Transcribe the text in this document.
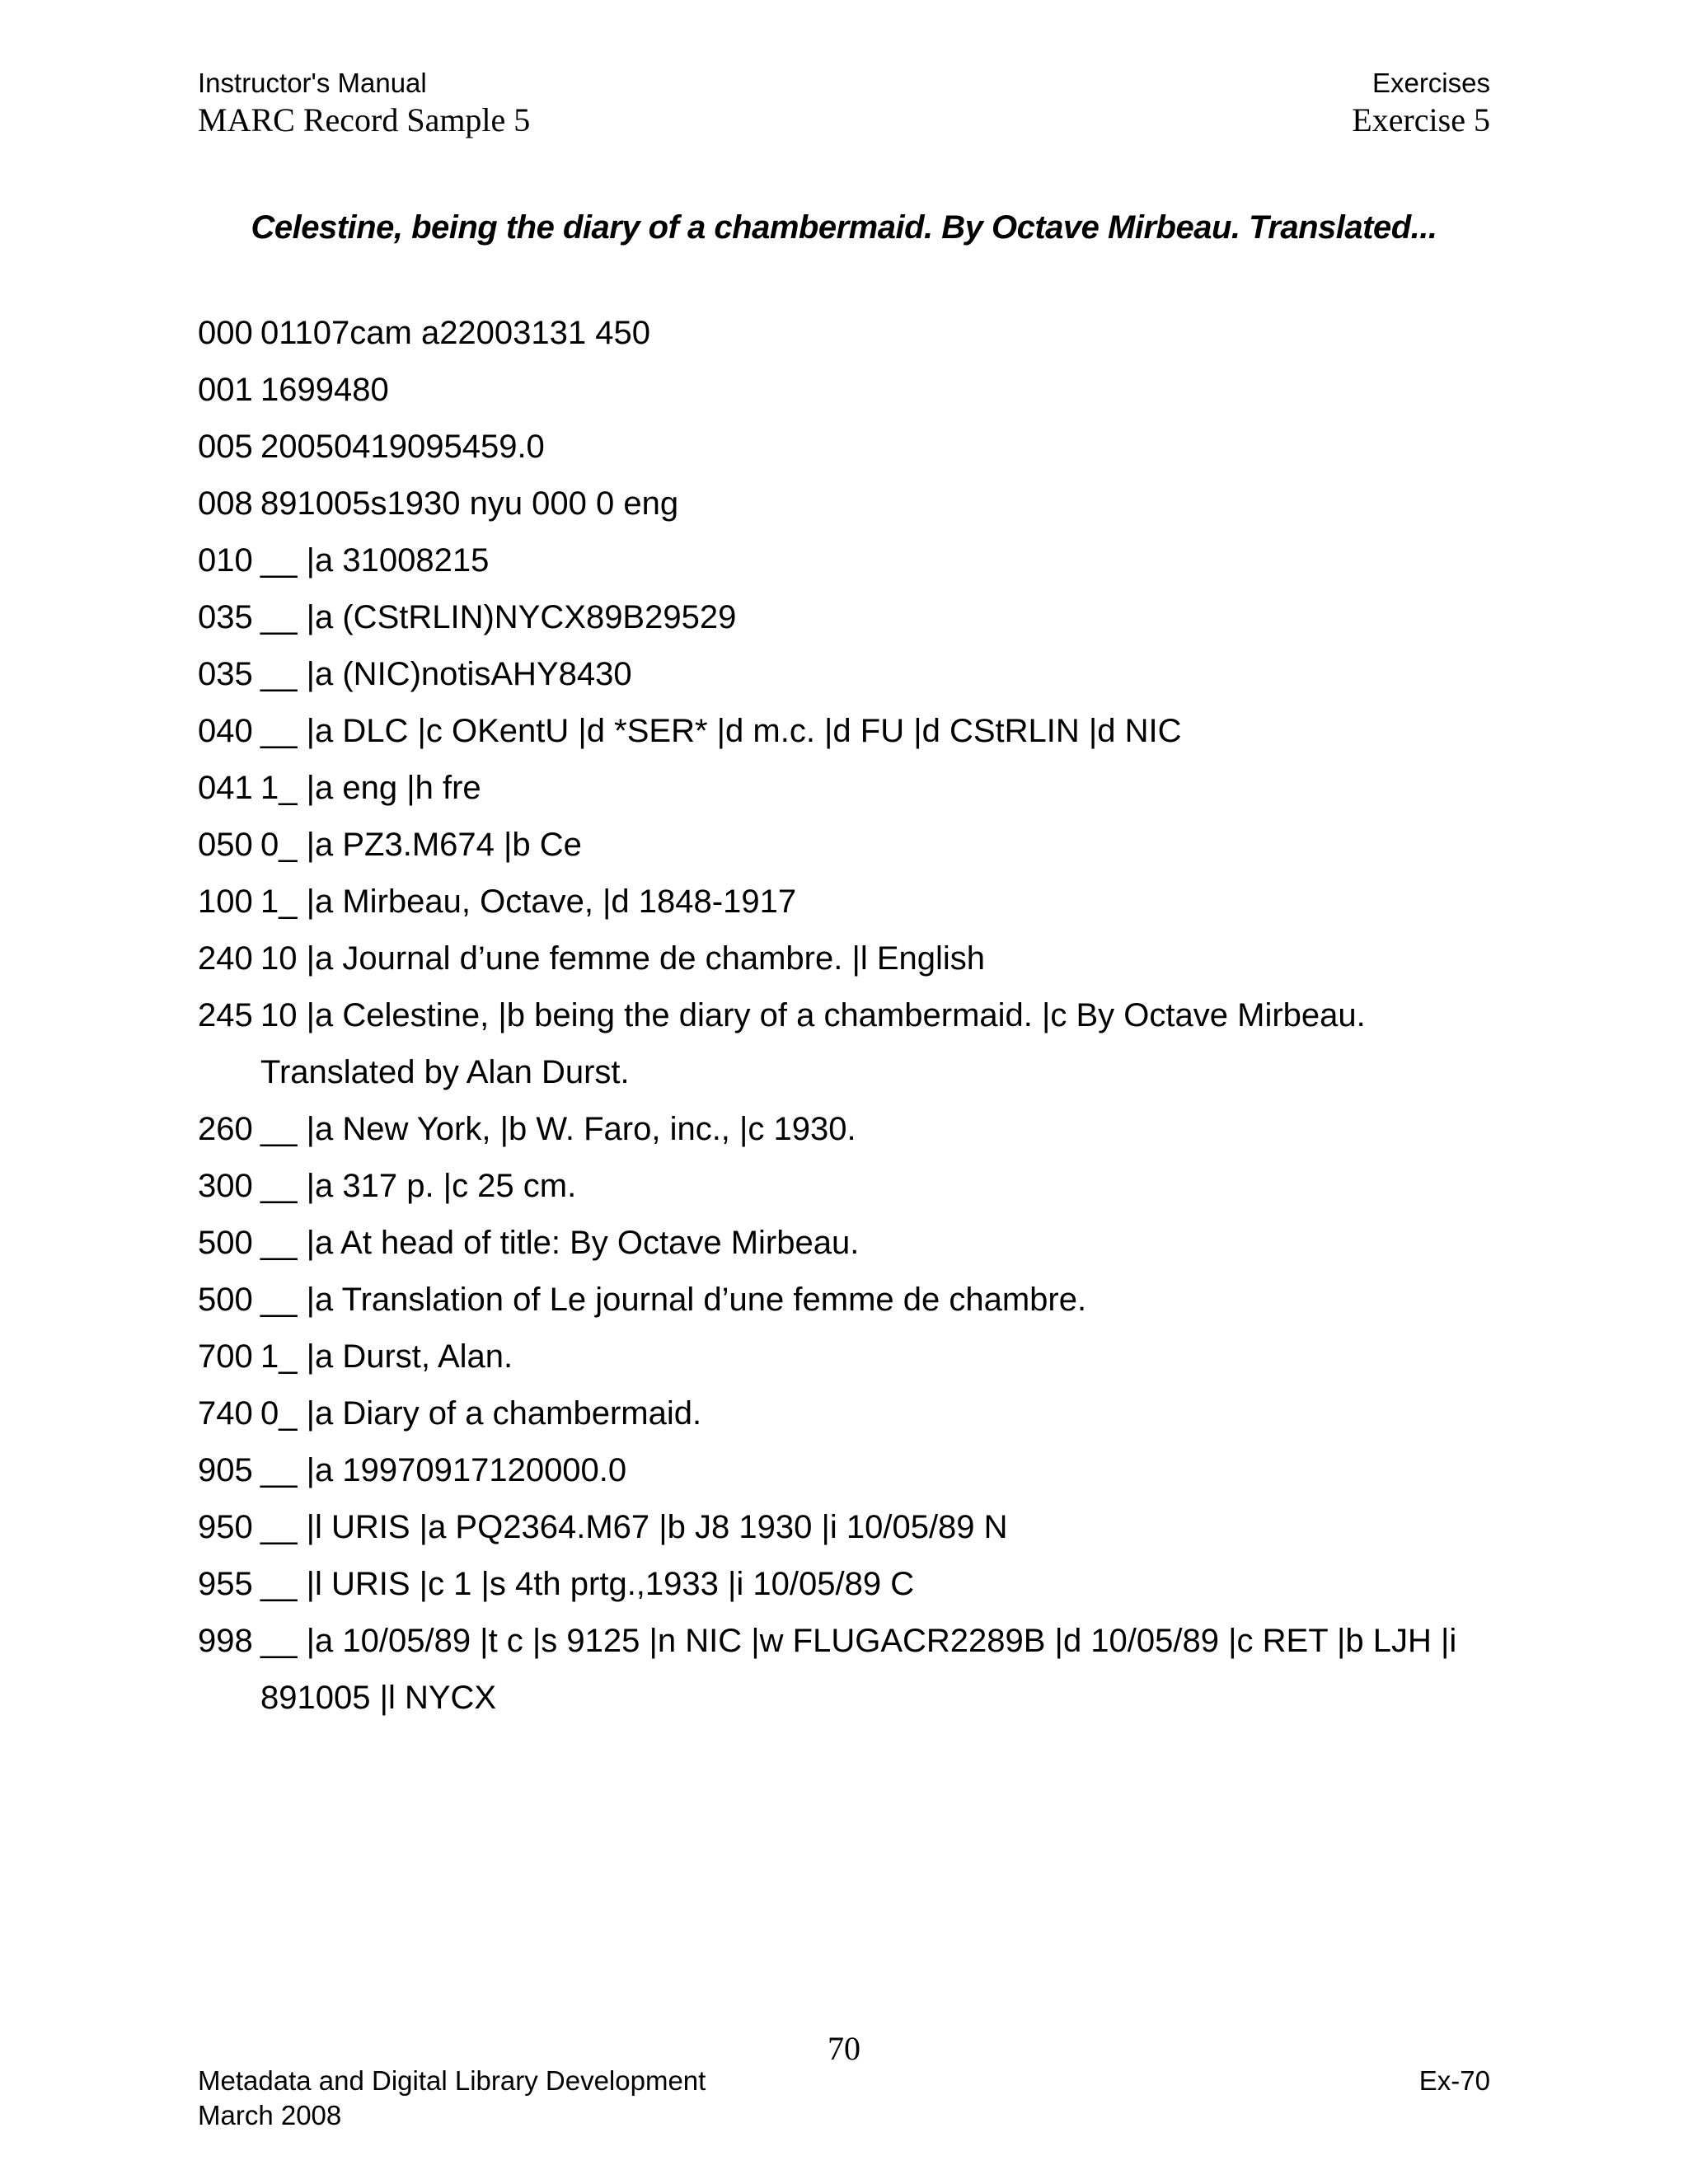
Instructor's Manual	Exercises
MARC Record Sample 5	Exercise 5
Celestine, being the diary of a chambermaid. By Octave Mirbeau. Translated...
000 01107cam a22003131 450
001 1699480
005 20050419095459.0
008 891005s1930 nyu 000 0 eng
010 __ |a 31008215
035 __ |a (CStRLIN)NYCX89B29529
035 __ |a (NIC)notisAHY8430
040 __ |a DLC |c OKentU |d *SER* |d m.c. |d FU |d CStRLIN |d NIC
041 1_ |a eng |h fre
050 0_ |a PZ3.M674 |b Ce
100 1_ |a Mirbeau, Octave, |d 1848-1917
240 10 |a Journal d’une femme de chambre. |l English
245 10 |a Celestine, |b being the diary of a chambermaid. |c By Octave Mirbeau.
Translated by Alan Durst.
260 __ |a New York, |b W. Faro, inc., |c 1930.
300 __ |a 317 p. |c 25 cm.
500 __ |a At head of title: By Octave Mirbeau.
500 __ |a Translation of Le journal d’une femme de chambre.
700 1_ |a Durst, Alan.
740 0_ |a Diary of a chambermaid.
905 __ |a 19970917120000.0
950 __ |l URIS |a PQ2364.M67 |b J8 1930 |i 10/05/89 N
955 __ |l URIS |c 1 |s 4th prtg.,1933 |i 10/05/89 C
998 __ |a 10/05/89 |t c |s 9125 |n NIC |w FLUGACR2289B |d 10/05/89 |c RET |b LJH |i
891005 |l NYCX
70
Metadata and Digital Library Development	Ex-70
March 2008
